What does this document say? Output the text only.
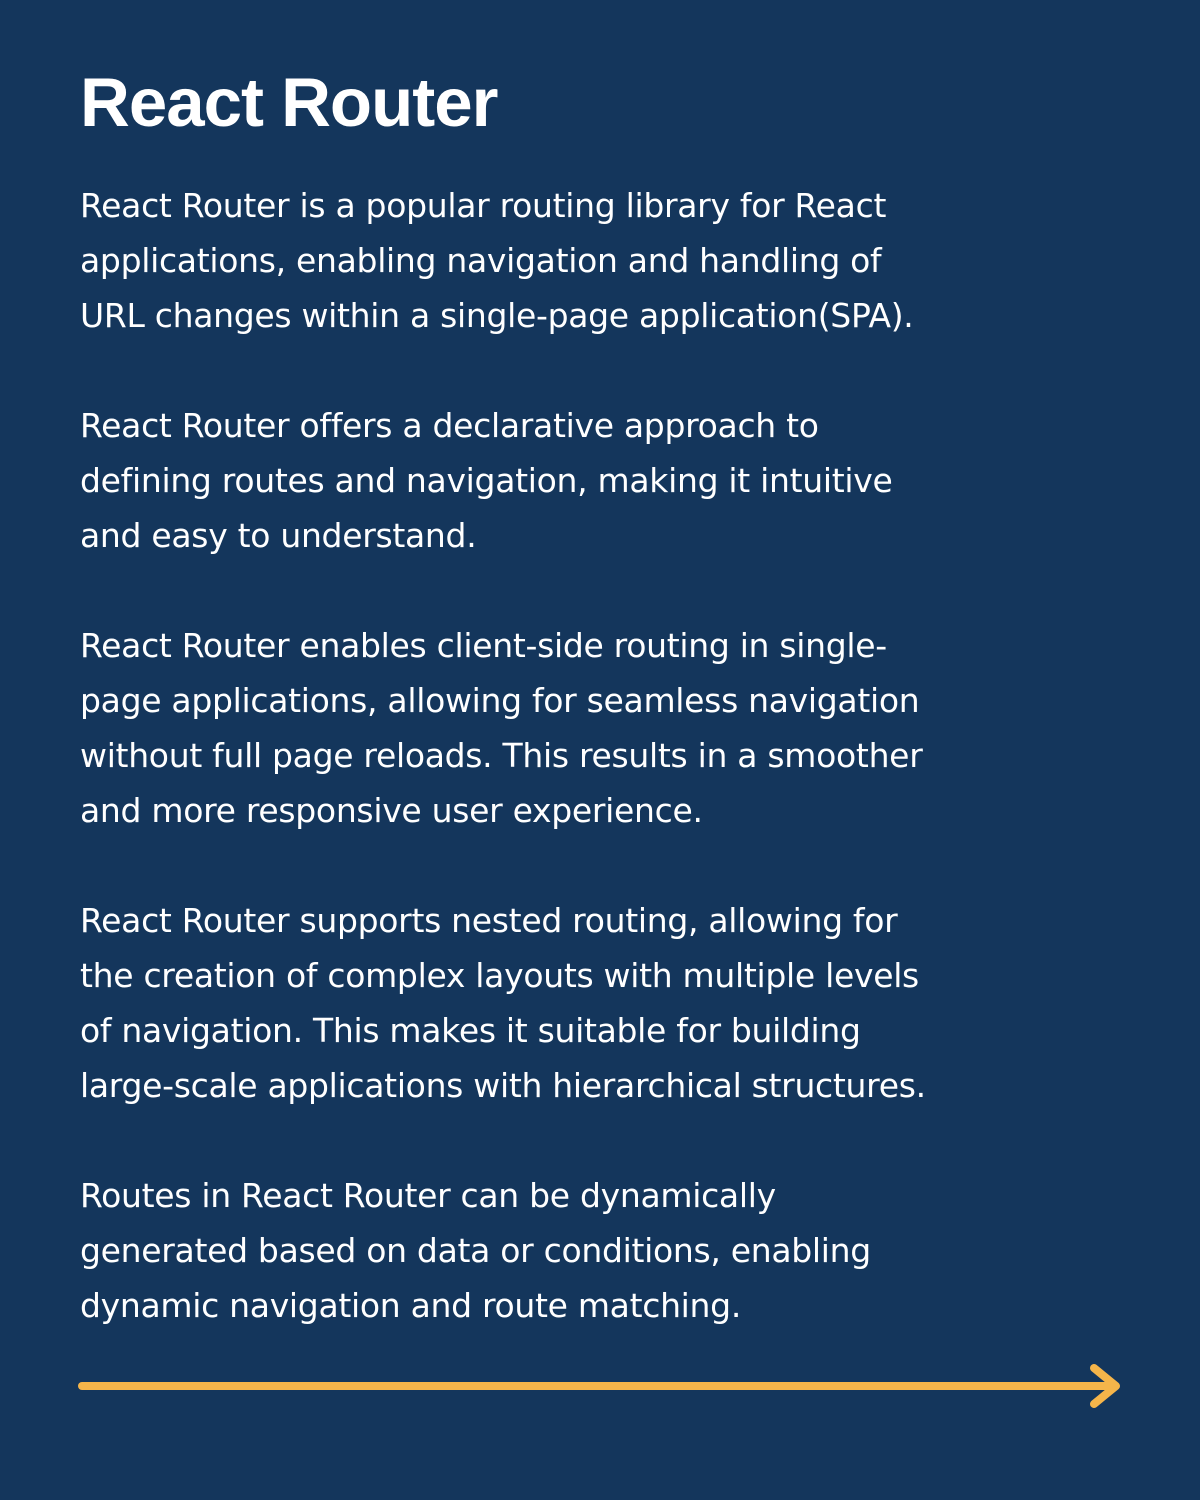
React Router

React Router is a popular routing library for React
applications, enabling navigation and handling of
URL changes within a single-page application(SPA).

React Router offers a declarative approach to
defining routes and navigation, making it intuitive
and easy to understand.

React Router enables client-side routing in single-
page applications, allowing for seamless navigation
without full page reloads. This results in a smoother
and more responsive user experience.

React Router supports nested routing, allowing for
the creation of complex layouts with multiple levels
of navigation. This makes it suitable for building
large-scale applications with hierarchical structures.

Routes in React Router can be dynamically
generated based on data or conditions, enabling
dynamic navigation and route matching.
